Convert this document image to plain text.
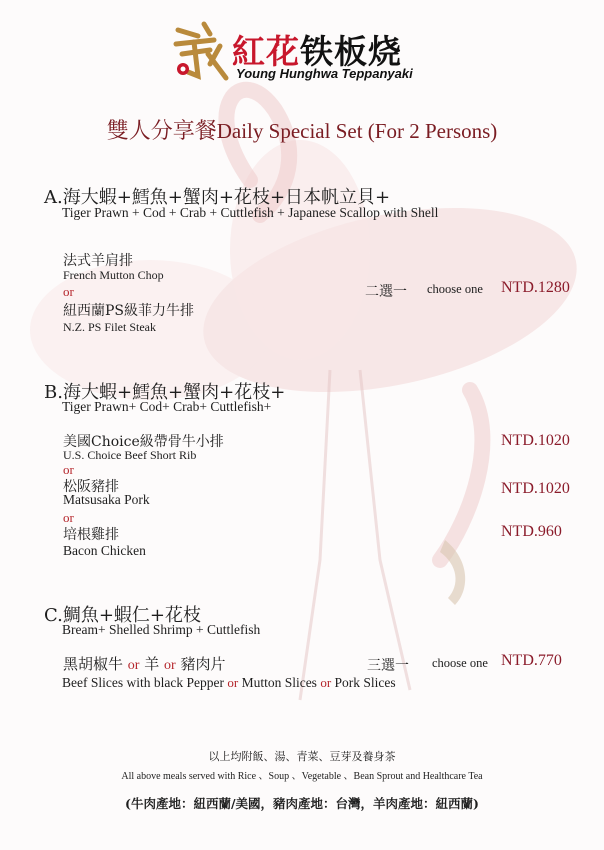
紅花铁板烧
Young Hunghwa Teppanyaki
雙人分享餐Daily Special Set (For 2 Persons)
A.海大蝦+鱈魚+蟹肉+花枝+日本帆立貝+
Tiger Prawn + Cod + Crab + Cuttlefish + Japanese Scallop with Shell
法式羊肩排
French Mutton Chop
or
紐西蘭PS級菲力牛排
N.Z. PS Filet Steak
二選一 choose one NTD.1280
B.海大蝦+鱈魚+蟹肉+花枝+
Tiger Prawn+ Cod+ Crab+ Cuttlefish+
美國Choice級帶骨牛小排
U.S. Choice Beef Short Rib
NTD.1020
or
松阪豬排
Matsusaka Pork
NTD.1020
or
培根雞排
Bacon Chicken
NTD.960
C.鯛魚+蝦仁+花枝
Bream+ Shelled Shrimp + Cuttlefish
黑胡椒牛 or 羊 or 豬肉片
Beef Slices with black Pepper or Mutton Slices or Pork Slices
三選一 choose one NTD.770
以上均附飯、湯、青菜、豆芽及養身茶
All above meals served with Rice 、Soup 、Vegetable 、Bean Sprout and Healthcare Tea
(牛肉產地：紐西蘭/美國，豬肉產地：台灣，羊肉產地：紐西蘭)
